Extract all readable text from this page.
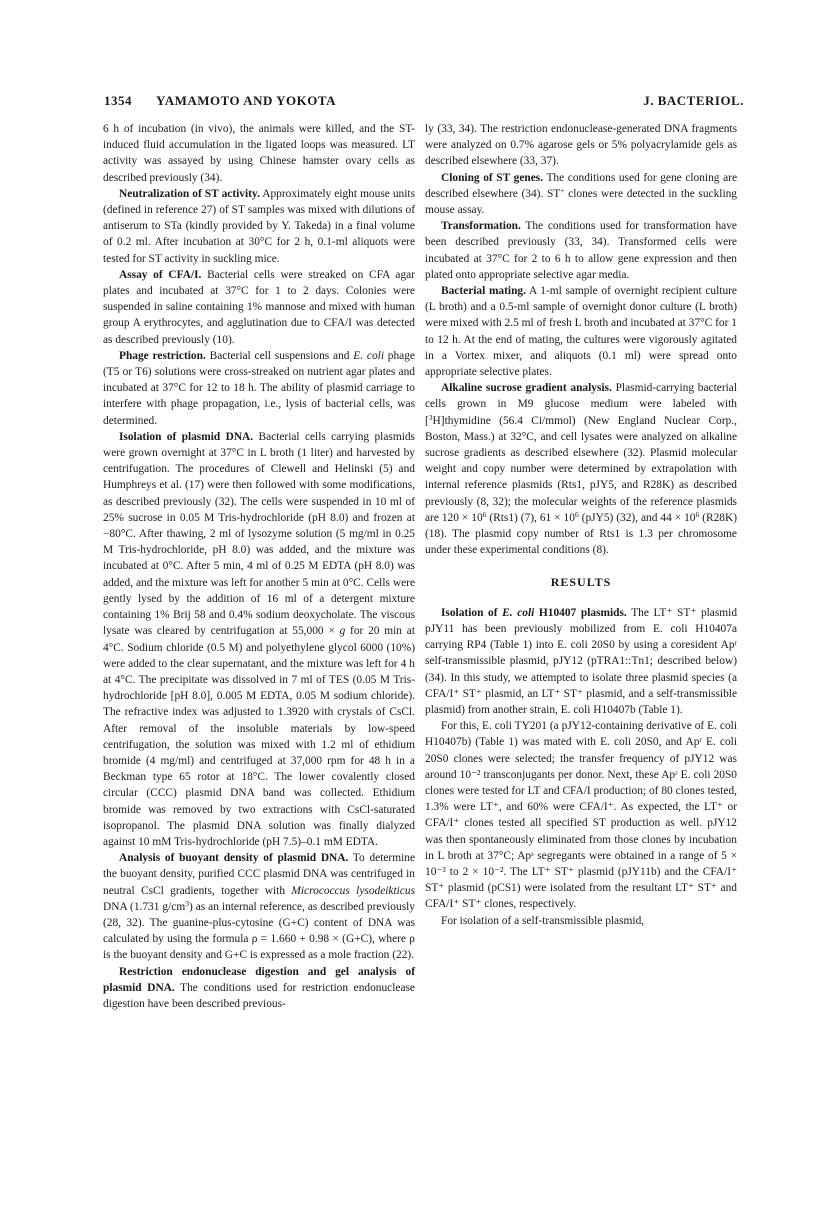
1354 YAMAMOTO AND YOKOTA	J. BACTERIOL.

6 h of incubation (in vivo), the animals were killed, and the ST-induced fluid accumulation in the ligated loops was measured. LT activity was assayed by using Chinese hamster ovary cells as described previously (34).

Neutralization of ST activity. Approximately eight mouse units (defined in reference 27) of ST samples was mixed with dilutions of antiserum to STa (kindly provided by Y. Takeda) in a final volume of 0.2 ml. After incubation at 30°C for 2 h, 0.1-ml aliquots were tested for ST activity in suckling mice.

Assay of CFA/I. Bacterial cells were streaked on CFA agar plates and incubated at 37°C for 1 to 2 days. Colonies were suspended in saline containing 1% mannose and mixed with human group A erythrocytes, and agglutination due to CFA/I was detected as described previously (10).

Phage restriction. Bacterial cell suspensions and E. coli phage (T5 or T6) solutions were cross-streaked on nutrient agar plates and incubated at 37°C for 12 to 18 h. The ability of plasmid carriage to interfere with phage propagation, i.e., lysis of bacterial cells, was determined.

Isolation of plasmid DNA. Bacterial cells carrying plasmids were grown overnight at 37°C in L broth (1 liter) and harvested by centrifugation. The procedures of Clewell and Helinski (5) and Humphreys et al. (17) were then followed with some modifications, as described previously (32). The cells were suspended in 10 ml of 25% sucrose in 0.05 M Tris-hydrochloride (pH 8.0) and frozen at −80°C. After thawing, 2 ml of lysozyme solution (5 mg/ml in 0.25 M Tris-hydrochloride, pH 8.0) was added, and the mixture was incubated at 0°C. After 5 min, 4 ml of 0.25 M EDTA (pH 8.0) was added, and the mixture was left for another 5 min at 0°C. Cells were gently lysed by the addition of 16 ml of a detergent mixture containing 1% Brij 58 and 0.4% sodium deoxycholate. The viscous lysate was cleared by centrifugation at 55,000 × g for 20 min at 4°C. Sodium chloride (0.5 M) and polyethylene glycol 6000 (10%) were added to the clear supernatant, and the mixture was left for 4 h at 4°C. The precipitate was dissolved in 7 ml of TES (0.05 M Tris-hydrochloride [pH 8.0], 0.005 M EDTA, 0.05 M sodium chloride). The refractive index was adjusted to 1.3920 with crystals of CsCl. After removal of the insoluble materials by low-speed centrifugation, the solution was mixed with 1.2 ml of ethidium bromide (4 mg/ml) and centrifuged at 37,000 rpm for 48 h in a Beckman type 65 rotor at 18°C. The lower covalently closed circular (CCC) plasmid DNA band was collected. Ethidium bromide was removed by two extractions with CsCl-saturated isopropanol. The plasmid DNA solution was finally dialyzed against 10 mM Tris-hydrochloride (pH 7.5)–0.1 mM EDTA.

Analysis of buoyant density of plasmid DNA. To determine the buoyant density, purified CCC plasmid DNA was centrifuged in neutral CsCl gradients, together with Micrococcus lysodeikticus DNA (1.731 $g/cm^3$) as an internal reference, as described previously (28, 32). The guanine-plus-cytosine (G+C) content of DNA was calculated by using the formula ρ = 1.660 + 0.98 × (G+C), where ρ is the buoyant density and G+C is expressed as a mole fraction (22).

Restriction endonuclease digestion and gel analysis of plasmid DNA. The conditions used for restriction endonuclease digestion have been described previous-

ly (33, 34). The restriction endonuclease-generated DNA fragments were analyzed on 0.7% agarose gels or 5% polyacrylamide gels as described elsewhere (33, 37).

Cloning of ST genes. The conditions used for gene cloning are described elsewhere (34). ST+ clones were detected in the suckling mouse assay.

Transformation. The conditions used for transformation have been described previously (33, 34). Transformed cells were incubated at 37°C for 2 to 6 h to allow gene expression and then plated onto appropriate selective agar media.

Bacterial mating. A 1-ml sample of overnight recipient culture (L broth) and a 0.5-ml sample of overnight donor culture (L broth) were mixed with 2.5 ml of fresh L broth and incubated at 37°C for 1 to 12 h. At the end of mating, the cultures were vigorously agitated in a Vortex mixer, and aliquots (0.1 ml) were spread onto appropriate selective plates.

Alkaline sucrose gradient analysis. Plasmid-carrying bacterial cells grown in M9 glucose medium were labeled with [$^3$H]thymidine (56.4 Ci/mmol) (New England Nuclear Corp., Boston, Mass.) at 32°C, and cell lysates were analyzed on alkaline sucrose gradients as described elsewhere (32). Plasmid molecular weight and copy number were determined by extrapolation with internal reference plasmids (Rts1, pJY5, and R28K) as described previously (8, 32); the molecular weights of the reference plasmids are $120 \times 10^6$ (Rts1) (7), $61 \times 10^6$ (pJY5) (32), and $44 \times 10^6$ (R28K) (18). The plasmid copy number of Rts1 is 1.3 per chromosome under these experimental conditions (8).

RESULTS

Isolation of E. coli H10407 plasmids. The LT⁺ ST⁺ plasmid pJY11 has been previously mobilized from E. coli H10407a carrying RP4 (Table 1) into E. coli 20S0 by using a coresident Apʳ self-transmissible plasmid, pJY12 (pTRA1::Tn1; described below) (34). In this study, we attempted to isolate three plasmid species (a CFA/I⁺ ST⁺ plasmid, an LT⁺ ST⁺ plasmid, and a self-transmissible plasmid) from another strain, E. coli H10407b (Table 1).

For this, E. coli TY201 (a pJY12-containing derivative of E. coli H10407b) (Table 1) was mated with E. coli 20S0, and Apʳ E. coli 20S0 clones were selected; the transfer frequency of pJY12 was around 10⁻² transconjugants per donor. Next, these Apʳ E. coli 20S0 clones were tested for LT and CFA/I production; of 80 clones tested, 1.3% were LT⁺, and 60% were CFA/I⁺. As expected, the LT⁺ or CFA/I⁺ clones tested all specified ST production as well. pJY12 was then spontaneously eliminated from those clones by incubation in L broth at 37°C; Apˢ segregants were obtained in a range of 5 × 10⁻³ to 2 × 10⁻². The LT⁺ ST⁺ plasmid (pJY11b) and the CFA/I⁺ ST⁺ plasmid (pCS1) were isolated from the resultant LT⁺ ST⁺ and CFA/I⁺ ST⁺ clones, respectively.

For isolation of a self-transmissible plasmid,
